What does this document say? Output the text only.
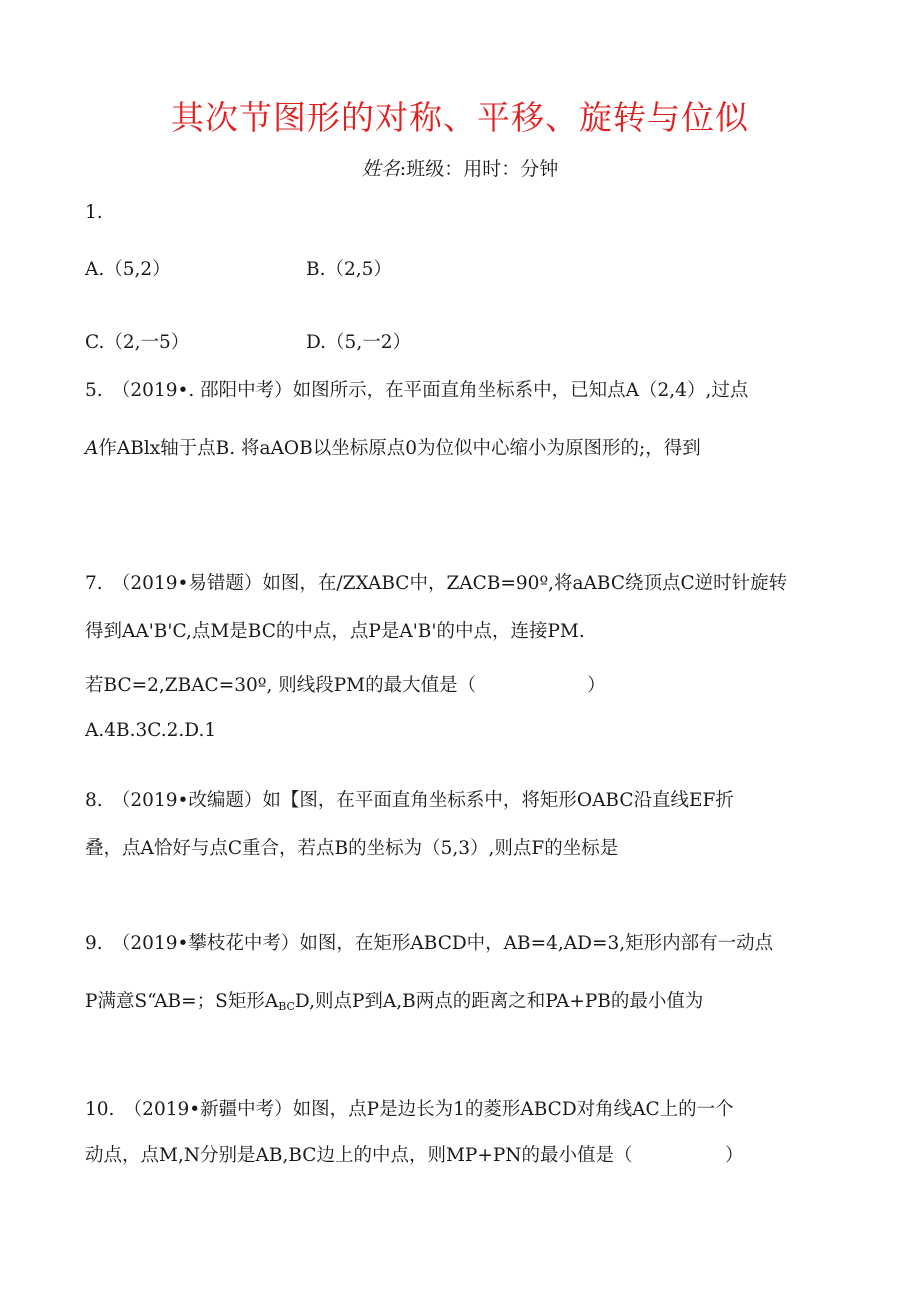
其次节图形的对称、平移、旋转与位似
姓名:班级：用时：分钟
1.
A.（5,2）	B.（2,5）
C.（2,一5）	D.（5,一2）
5.　（2019•. 邵阳中考）如图所示，在平面直角坐标系中，已知点A（2,4）,过点
A作ABlx轴于点B. 将aAOB以坐标原点0为位似中心缩小为原图形的;，得到
7.　（2019•易错题）如图，在/ZXABC中，ZACB=90º,将aABC绕顶点C逆时针旋转
得到AA'B'C,点M是BC的中点，点P是A'B'的中点，连接PM.
若BC=2,ZBAC=30º, 则线段PM的最大值是（　　　　　　）
A.4B.3C.2.D.1
8.　（2019•改编题）如【图，在平面直角坐标系中，将矩形OABC沿直线EF折
叠，点A恰好与点C重合，若点B的坐标为（5,3）,则点F的坐标是
9.　（2019•攀枝花中考）如图，在矩形ABCD中，AB=4,AD=3,矩形内部有一动点
P满意S“AB=；S矩形$A_{BC}D$,则点P到A,B两点的距离之和PA+PB的最小值为
10.　（2019•新疆中考）如图，点P是边长为1的菱形ABCD对角线AC上的一个
动点，点M,N分别是AB,BC边上的中点，则MP+PN的最小值是（　　　　　）
